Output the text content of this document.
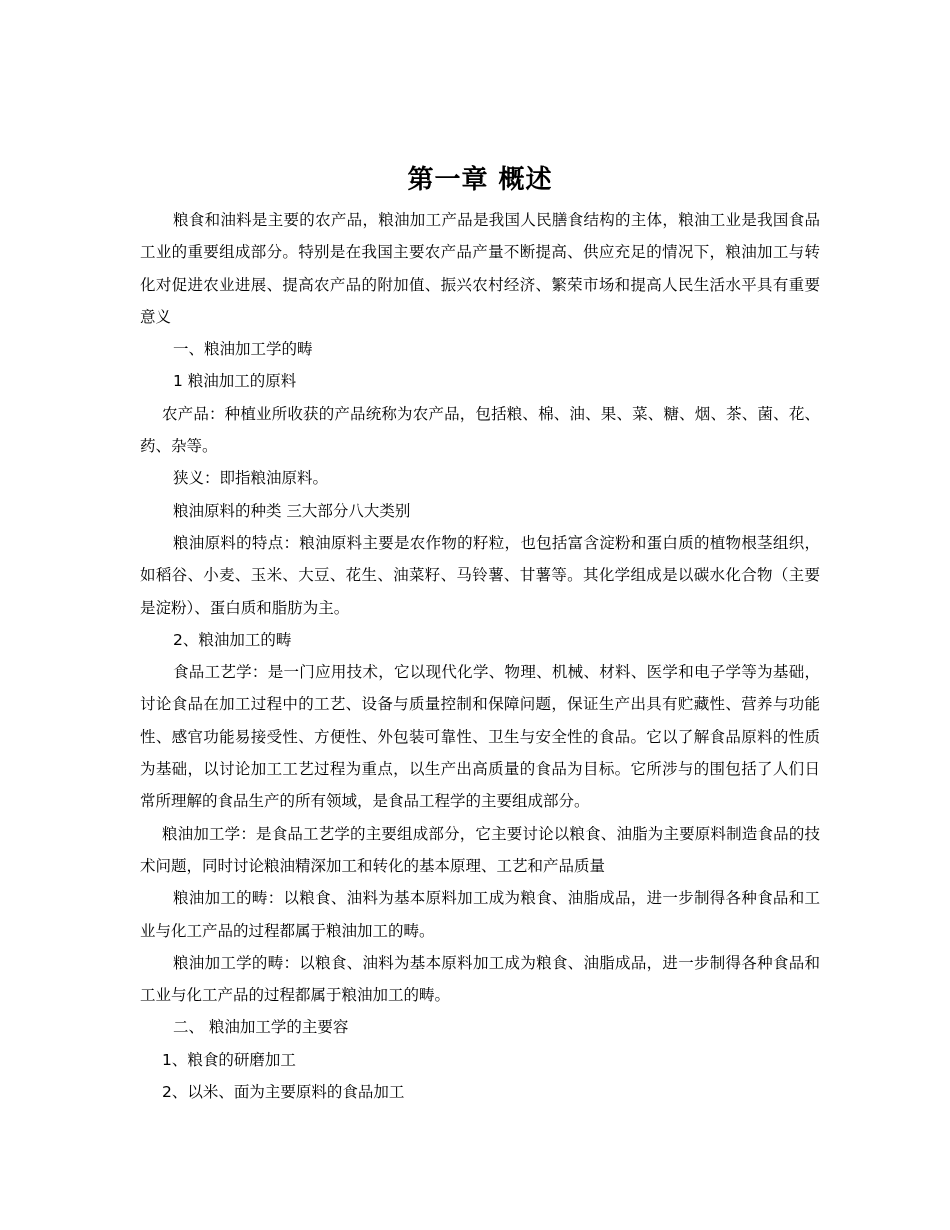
第一章 概述

粮食和油料是主要的农产品，粮油加工产品是我国人民膳食结构的主体，粮油工业是我国食品工业的重要组成部分。特别是在我国主要农产品产量不断提高、供应充足的情况下，粮油加工与转化对促进农业进展、提高农产品的附加值、振兴农村经济、繁荣市场和提高人民生活水平具有重要意义

一、粮油加工学的畴

1 粮油加工的原料

农产品：种植业所收获的产品统称为农产品，包括粮、棉、油、果、菜、糖、烟、茶、菌、花、药、杂等。

狭义：即指粮油原料。

粮油原料的种类 三大部分八大类别

粮油原料的特点：粮油原料主要是农作物的籽粒，也包括富含淀粉和蛋白质的植物根茎组织，如稻谷、小麦、玉米、大豆、花生、油菜籽、马铃薯、甘薯等。其化学组成是以碳水化合物（主要是淀粉）、蛋白质和脂肪为主。

2、粮油加工的畴

食品工艺学：是一门应用技术，它以现代化学、物理、机械、材料、医学和电子学等为基础，讨论食品在加工过程中的工艺、设备与质量控制和保障问题，保证生产出具有贮藏性、营养与功能性、感官功能易接受性、方便性、外包装可靠性、卫生与安全性的食品。它以了解食品原料的性质为基础，以讨论加工工艺过程为重点，以生产出高质量的食品为目标。它所涉与的围包括了人们日常所理解的食品生产的所有领域，是食品工程学的主要组成部分。

粮油加工学：是食品工艺学的主要组成部分，它主要讨论以粮食、油脂为主要原料制造食品的技术问题，同时讨论粮油精深加工和转化的基本原理、工艺和产品质量

粮油加工的畴：以粮食、油料为基本原料加工成为粮食、油脂成品，进一步制得各种食品和工业与化工产品的过程都属于粮油加工的畴。

粮油加工学的畴：以粮食、油料为基本原料加工成为粮食、油脂成品，进一步制得各种食品和工业与化工产品的过程都属于粮油加工的畴。

二、 粮油加工学的主要容

1、粮食的研磨加工

2、以米、面为主要原料的食品加工
